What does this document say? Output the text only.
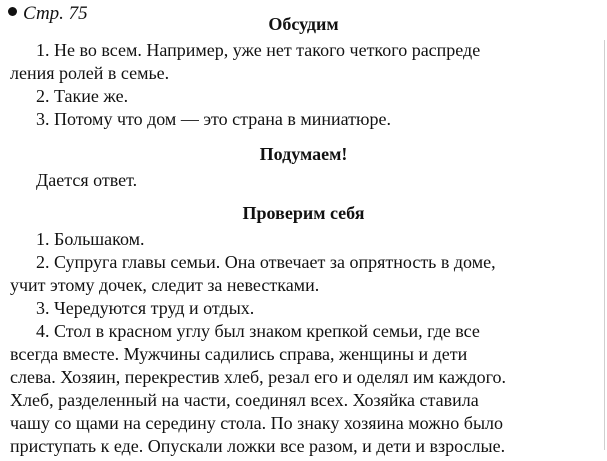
Стр. 75	Обсудим
1. Не во всем. Например, уже нет такого четкого распреде
ления ролей в семье.
2. Такие же.
3. Потому что дом — это страна в миниатюре.
Подумаем!
Дается ответ.
Проверим себя
1. Большаком.
2. Супруга главы семьи. Она отвечает за опрятность в доме,
учит этому дочек, следит за невестками.
3. Чередуются труд и отдых.
4. Стол в красном углу был знаком крепкой семьи, где все
всегда вместе. Мужчины садились справа, женщины и дети
слева. Хозяин, перекрестив хлеб, резал его и оделял им каждого.
Хлеб, разделенный на части, соединял всех. Хозяйка ставила
чашу со щами на середину стола. По знаку хозяина можно было
приступать к еде. Опускали ложки все разом, и дети и взрослые.
